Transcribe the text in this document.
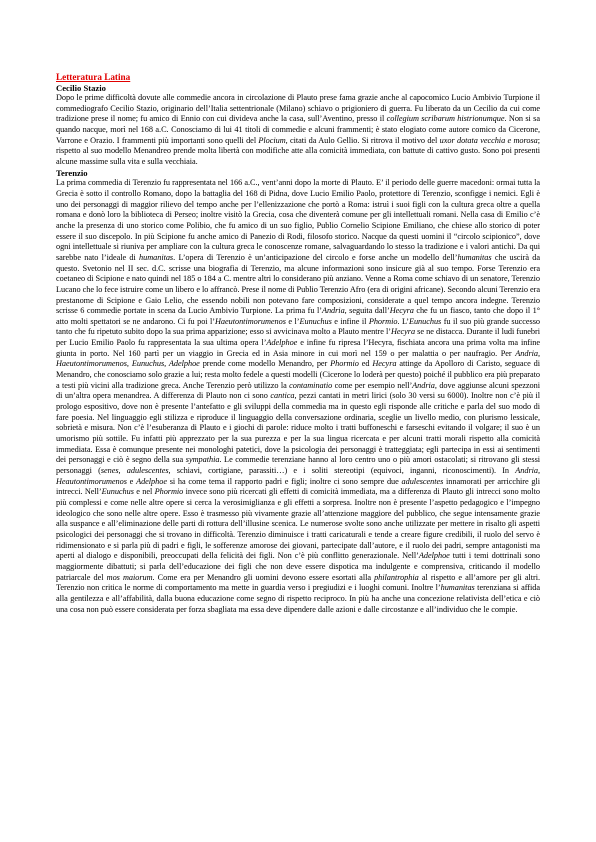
Letteratura Latina
Cecilio Stazio

Dopo le prime difficoltà dovute alle commedie ancora in circolazione di Plauto prese fama grazie anche al capocomico Lucio Ambivio Turpione il commediografo Cecilio Stazio, originario dell’Italia settentrionale (Milano) schiavo o prigioniero di guerra. Fu liberato da un Cecilio da cui come tradizione prese il nome; fu amico di Ennio con cui divideva anche la casa, sull’Aventino, presso il collegium scribarum histrionumque. Non si sa quando nacque, morì nel 168 a.C. Conosciamo di lui 41 titoli di commedie e alcuni frammenti; è stato elogiato come autore comico da Cicerone, Varrone e Orazio. I frammenti più importanti sono quelli del Plocium, citati da Aulo Gellio. Si ritrova il motivo del uxor dotata vecchia e morosa; rispetto al suo modello Menandreo prende molta libertà con modifiche atte alla comicità immediata, con battute di cattivo gusto. Sono poi presenti alcune massime sulla vita e sulla vecchiaia.

Terenzio

La prima commedia di Terenzio fu rappresentata nel 166 a.C., vent’anni dopo la morte di Plauto. E’ il periodo delle guerre macedoni: ormai tutta la Grecia è sotto il controllo Romano, dopo la battaglia del 168 di Pidna, dove Lucio Emilio Paolo, protettore di Terenzio, sconfigge i nemici. Egli è uno dei personaggi di maggior rilievo del tempo anche per l’ellenizzazione che portò a Roma: istruì i suoi figli con la cultura greca oltre a quella romana e donò loro la biblioteca di Perseo; inoltre visitò la Grecia, cosa che diventerà comune per gli intellettuali romani. Nella casa di Emilio c’è anche la presenza di uno storico come Polibio, che fu amico di un suo figlio, Publio Cornelio Scipione Emiliano, che chiese allo storico di poter essere il suo discepolo. In più Scipione fu anche amico di Panezio di Rodi, filosofo storico. Nacque da questi uomini il “circolo scipionico”, dove ogni intellettuale si riuniva per ampliare con la cultura greca le conoscenze romane, salvaguardando lo stesso la tradizione e i valori antichi. Da qui sarebbe nato l’ideale di humanitas. L’opera di Terenzio è un’anticipazione del circolo e forse anche un modello dell’humanitas che uscirà da questo. Svetonio nel II sec. d.C. scrisse una biografia di Terenzio, ma alcune informazioni sono insicure già al suo tempo. Forse Terenzio era coetaneo di Scipione e nato quindi nel 185 o 184 a C. mentre altri lo considerano più anziano. Venne a Roma come schiavo di un senatore, Terenzio Lucano che lo fece istruire come un libero e lo affrancò. Prese il nome di Publio Terenzio Afro (era di origini africane). Secondo alcuni Terenzio era prestanome di Scipione e Gaio Lelio, che essendo nobili non potevano fare composizioni, considerate a quel tempo ancora indegne. Terenzio scrisse 6 commedie portate in scena da Lucio Ambivio Turpione. La prima fu l’Andria, seguita dall’Hecyra che fu un fiasco, tanto che dopo il 1° atto molti spettatori se ne andarono. Ci fu poi l’Haeutontimorumenos e l’Eunuchus e infine il Phormio. L’Eunuchus fu il suo più grande successo tanto che fu ripetuto subito dopo la sua prima apparizione; esso si avvicinava molto a Plauto mentre l’Hecyra se ne distacca. Durante il ludi funebri per Lucio Emilio Paolo fu rappresentata la sua ultima opera l’Adelphoe e infine fu ripresa l’Hecyra, fischiata ancora una prima volta ma infine giunta in porto. Nel 160 partì per un viaggio in Grecia ed in Asia minore in cui morì nel 159 o per malattia o per naufragio. Per Andria, Haeutontimorumenos, Eunuchus, Adelphoe prende come modello Menandro, per Phormio ed Hecyra attinge da Apolloro di Caristo, seguace di Menandro, che conosciamo solo grazie a lui; resta molto fedele a questi modelli (Cicerone lo loderà per questo) poiché il pubblico era più preparato a testi più vicini alla tradizione greca. Anche Terenzio però utilizzo la contaminatio come per esempio nell’Andria, dove aggiunse alcuni spezzoni di un’altra opera menandrea. A differenza di Plauto non ci sono cantica, pezzi cantati in metri lirici (solo 30 versi su 6000). Inoltre non c’è più il prologo espositivo, dove non è presente l’antefatto e gli sviluppi della commedia ma in questo egli risponde alle critiche e parla del suo modo di fare poesia. Nel linguaggio egli stilizza e riproduce il linguaggio della conversazione ordinaria, sceglie un livello medio, con plurismo lessicale, sobrietà e misura. Non c’è l’esuberanza di Plauto e i giochi di parole: riduce molto i tratti buffoneschi e farseschi evitando il volgare; il suo è un umorismo più sottile. Fu infatti più apprezzato per la sua purezza e per la sua lingua ricercata e per alcuni tratti morali rispetto alla comicità immediata. Essa è comunque presente nei monologhi patetici, dove la psicologia dei personaggi è tratteggiata; egli partecipa in essi ai sentimenti dei personaggi e ciò è segno della sua sympathia. Le commedie terenziane hanno al loro centro uno o più amori ostacolati; si ritrovano gli stessi personaggi (senes, adulescentes, schiavi, cortigiane, parassiti…) e i soliti stereotipi (equivoci, inganni, riconoscimenti). In Andria, Heautontimorumenos e Adelphoe si ha come tema il rapporto padri e figli; inoltre ci sono sempre due adulescentes innamorati per arricchire gli intrecci. Nell’Eunuchus e nel Phormio invece sono più ricercati gli effetti di comicità immediata, ma a differenza di Plauto gli intrecci sono molto più complessi e come nelle altre opere si cerca la verosimiglianza e gli effetti a sorpresa. Inoltre non è presente l’aspetto pedagogico e l’impegno ideologico che sono nelle altre opere. Esso è trasmesso più vivamente grazie all’attenzione maggiore del pubblico, che segue intensamente grazie alla suspance e all’eliminazione delle parti di rottura dell’illusine scenica. Le numerose svolte sono anche utilizzate per mettere in risalto gli aspetti psicologici dei personaggi che si trovano in difficoltà. Terenzio diminuisce i tratti caricaturali e tende a creare figure credibili, il ruolo del servo è ridimensionato e si parla più di padri e figli, le sofferenze amorose dei giovani, partecipate dall’autore, e il ruolo dei padri, sempre antagonisti ma aperti al dialogo e disponibili, preoccupati della felicità dei figli. Non c’è più conflitto generazionale. Nell’Adelphoe tutti i temi dottrinali sono maggiormente dibattuti; si parla dell’educazione dei figli che non deve essere dispotica ma indulgente e comprensiva, criticando il modello patriarcale del mos maiorum. Come era per Menandro gli uomini devono essere esortati alla philantrophia al rispetto e all’amore per gli altri. Terenzio non critica le norme di comportamento ma mette in guardia verso i pregiudizi e i luoghi comuni. Inoltre l’humanitas terenziana si affida alla gentilezza e all’affabilità, dalla buona educazione come segno di rispetto reciproco. In più ha anche una concezione relativista dell’etica e ciò una cosa non può essere considerata per forza sbagliata ma essa deve dipendere dalle azioni e dalle circostanze e all’individuo che le compie.
